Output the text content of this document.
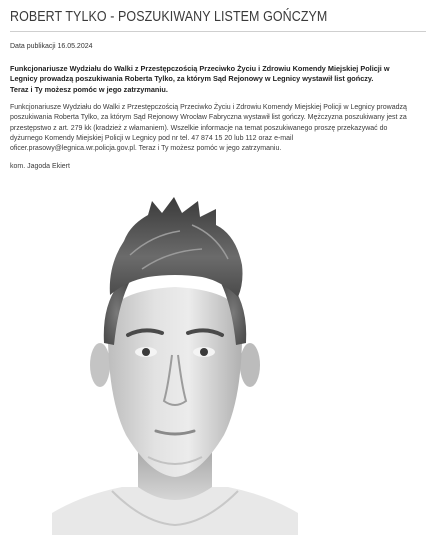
ROBERT TYLKO - POSZUKIWANY LISTEM GOŃCZYM
Data publikacji 16.05.2024

Funkcjonariusze Wydziału do Walki z Przestępczością Przeciwko Życiu i Zdrowiu Komendy Miejskiej Policji w

Legnicy prowadzą poszukiwania Roberta Tylko, za którym Sąd Rejonowy w Legnicy wystawił list gończy.

Teraz i Ty możesz pomóc w jego zatrzymaniu.

Funkcjonariusze Wydziału do Walki z Przestępczością Przeciwko Życiu i Zdrowiu Komendy Miejskiej Policji w Legnicy prowadzą

poszukiwania Roberta Tylko, za którym Sąd Rejonowy Wrocław Fabryczna wystawił list gończy. Mężczyzna poszukiwany jest za

przestępstwo z art. 279 kk (kradzież z włamaniem). Wszelkie informacje na temat poszukiwanego proszę przekazywać do

dyżurnego Komendy Miejskiej Policji w Legnicy pod nr tel. 47 874 15 20 lub 112 oraz e-mail

oficer.prasowy@legnica.wr.policja.gov.pl. Teraz i Ty możesz pomóc w jego zatrzymaniu.

kom. Jagoda Ekiert
